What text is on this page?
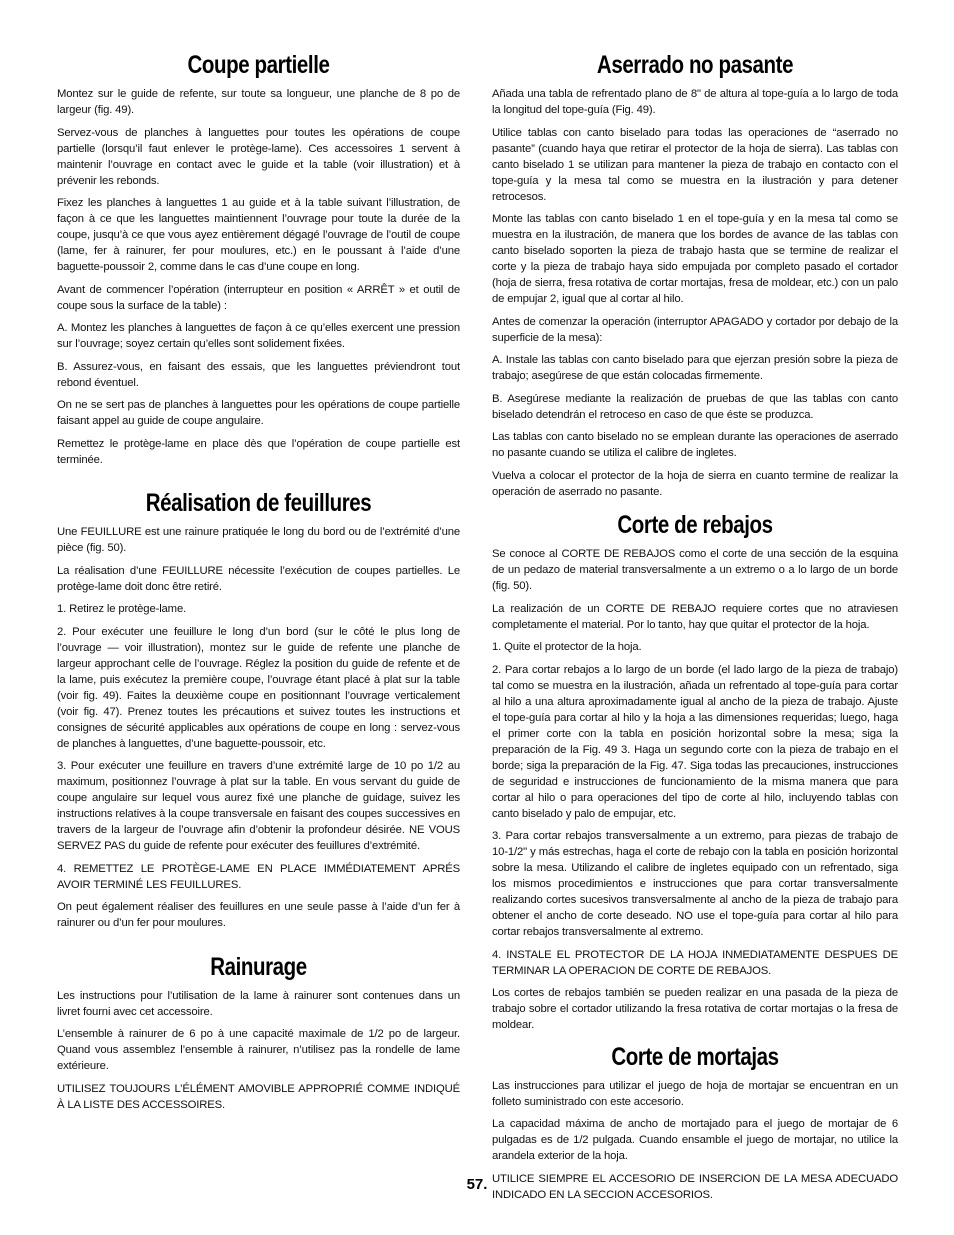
Coupe partielle

Montez sur le guide de refente, sur toute sa longueur, une planche de 8 po de largeur (fig. 49).

Servez-vous de planches à languettes pour toutes les opérations de coupe partielle (lorsqu’il faut enlever le protège-lame). Ces accessoires 1 servent à maintenir l’ouvrage en contact avec le guide et la table (voir illustration) et à prévenir les rebonds.

Fixez les planches à languettes 1 au guide et à la table suivant l’illustration, de façon à ce que les languettes maintiennent l’ouvrage pour toute la durée de la coupe, jusqu’à ce que vous ayez entièrement dégagé l’ouvrage de l’outil de coupe (lame, fer à rainurer, fer pour moulures, etc.) en le poussant à l’aide d’une baguette-poussoir 2, comme dans le cas d’une coupe en long.

Avant de commencer l’opération (interrupteur en position « ARRÊT » et outil de coupe sous la surface de la table) :

A. Montez les planches à languettes de façon à ce qu’elles exercent une pression sur l’ouvrage; soyez certain qu’elles sont solidement fixées.

B. Assurez-vous, en faisant des essais, que les languettes préviendront tout rebond éventuel.

On ne se sert pas de planches à languettes pour les opérations de coupe partielle faisant appel au guide de coupe angulaire.

Remettez le protège-lame en place dès que l’opération de coupe partielle est terminée.

Réalisation de feuillures

Une FEUILLURE est une rainure pratiquée le long du bord ou de l’extrémité d’une pièce (fig. 50).

La réalisation d’une FEUILLURE nécessite l’exécution de coupes partielles. Le protège-lame doit donc être retiré.

1. Retirez le protège-lame.

2. Pour exécuter une feuillure le long d’un bord (sur le côté le plus long de l’ouvrage — voir illustration), montez sur le guide de refente une planche de largeur approchant celle de l’ouvrage. Réglez la position du guide de refente et de la lame, puis exécutez la première coupe, l’ouvrage étant placé à plat sur la table (voir fig. 49). Faites la deuxième coupe en positionnant l’ouvrage verticalement (voir fig. 47). Prenez toutes les précautions et suivez toutes les instructions et consignes de sécurité applicables aux opérations de coupe en long : servez-vous de planches à languettes, d’une baguette-poussoir, etc.

3. Pour exécuter une feuillure en travers d’une extrémité large de 10 po 1/2 au maximum, positionnez l’ouvrage à plat sur la table. En vous servant du guide de coupe angulaire sur lequel vous aurez fixé une planche de guidage, suivez les instructions relatives à la coupe transversale en faisant des coupes successives en travers de la largeur de l’ouvrage afin d’obtenir la profondeur désirée. NE VOUS SERVEZ PAS du guide de refente pour exécuter des feuillures d’extrémité.

4. REMETTEZ LE PROTÈGE-LAME EN PLACE IMMÉDIATEMENT APRÉS AVOIR TERMINÉ LES FEUILLURES.

On peut également réaliser des feuillures en une seule passe à l’aide d’un fer à rainurer ou d’un fer pour moulures.

Rainurage

Les instructions pour l’utilisation de la lame à rainurer sont contenues dans un livret fourni avec cet accessoire.

L’ensemble à rainurer de 6 po à une capacité maximale de 1/2 po de largeur. Quand vous assemblez l’ensemble à rainurer, n’utilisez pas la rondelle de lame extérieure.

UTILISEZ TOUJOURS L’ÉLÉMENT AMOVIBLE APPROPRIÉ COMME INDIQUÉ À LA LISTE DES ACCESSOIRES.

Aserrado no pasante

Añada una tabla de refrentado plano de 8" de altura al tope-guía a lo largo de toda la longitud del tope-guía (Fig. 49).

Utilice tablas con canto biselado para todas las operaciones de “aserrado no pasante” (cuando haya que retirar el protector de la hoja de sierra). Las tablas con canto biselado 1 se utilizan para mantener la pieza de trabajo en contacto con el tope-guía y la mesa tal como se muestra en la ilustración y para detener retrocesos.

Monte las tablas con canto biselado 1 en el tope-guía y en la mesa tal como se muestra en la ilustración, de manera que los bordes de avance de las tablas con canto biselado soporten la pieza de trabajo hasta que se termine de realizar el corte y la pieza de trabajo haya sido empujada por completo pasado el cortador (hoja de sierra, fresa rotativa de cortar mortajas, fresa de moldear, etc.) con un palo de empujar 2, igual que al cortar al hilo.

Antes de comenzar la operación (interruptor APAGADO y cortador por debajo de la superficie de la mesa):

A. Instale las tablas con canto biselado para que ejerzan presión sobre la pieza de trabajo; asegúrese de que están colocadas firmemente.

B. Asegúrese mediante la realización de pruebas de que las tablas con canto biselado detendrán el retroceso en caso de que éste se produzca.

Las tablas con canto biselado no se emplean durante las operaciones de aserrado no pasante cuando se utiliza el calibre de ingletes.

Vuelva a colocar el protector de la hoja de sierra en cuanto termine de realizar la operación de aserrado no pasante.

Corte de rebajos

Se conoce al CORTE DE REBAJOS como el corte de una sección de la esquina de un pedazo de material transversalmente a un extremo o a lo largo de un borde (fig. 50).

La realización de un CORTE DE REBAJO requiere cortes que no atraviesen completamente el material. Por lo tanto, hay que quitar el protector de la hoja.

1. Quite el protector de la hoja.

2. Para cortar rebajos a lo largo de un borde (el lado largo de la pieza de trabajo) tal como se muestra en la ilustración, añada un refrentado al tope-guía para cortar al hilo a una altura aproximadamente igual al ancho de la pieza de trabajo. Ajuste el tope-guía para cortar al hilo y la hoja a las dimensiones requeridas; luego, haga el primer corte con la tabla en posición horizontal sobre la mesa; siga la preparación de la Fig. 49 3. Haga un segundo corte con la pieza de trabajo en el borde; siga la preparación de la Fig. 47. Siga todas las precauciones, instrucciones de seguridad e instrucciones de funcionamiento de la misma manera que para cortar al hilo o para operaciones del tipo de corte al hilo, incluyendo tablas con canto biselado y palo de empujar, etc.

3. Para cortar rebajos transversalmente a un extremo, para piezas de trabajo de 10-1/2" y más estrechas, haga el corte de rebajo con la tabla en posición horizontal sobre la mesa. Utilizando el calibre de ingletes equipado con un refrentado, siga los mismos procedimientos e instrucciones que para cortar transversalmente realizando cortes sucesivos transversalmente al ancho de la pieza de trabajo para obtener el ancho de corte deseado. NO use el tope-guía para cortar al hilo para cortar rebajos transversalmente al extremo.

4. INSTALE EL PROTECTOR DE LA HOJA INMEDIATAMENTE DESPUES DE TERMINAR LA OPERACION DE CORTE DE REBAJOS.

Los cortes de rebajos también se pueden realizar en una pasada de la pieza de trabajo sobre el cortador utilizando la fresa rotativa de cortar mortajas o la fresa de moldear.

Corte de mortajas

Las instrucciones para utilizar el juego de hoja de mortajar se encuentran en un folleto suministrado con este accesorio.

La capacidad máxima de ancho de mortajado para el juego de mortajar de 6 pulgadas es de 1/2 pulgada. Cuando ensamble el juego de mortajar, no utilice la arandela exterior de la hoja.

UTILICE SIEMPRE EL ACCESORIO DE INSERCION DE LA MESA ADECUADO INDICADO EN LA SECCION ACCESORIOS.

57.
